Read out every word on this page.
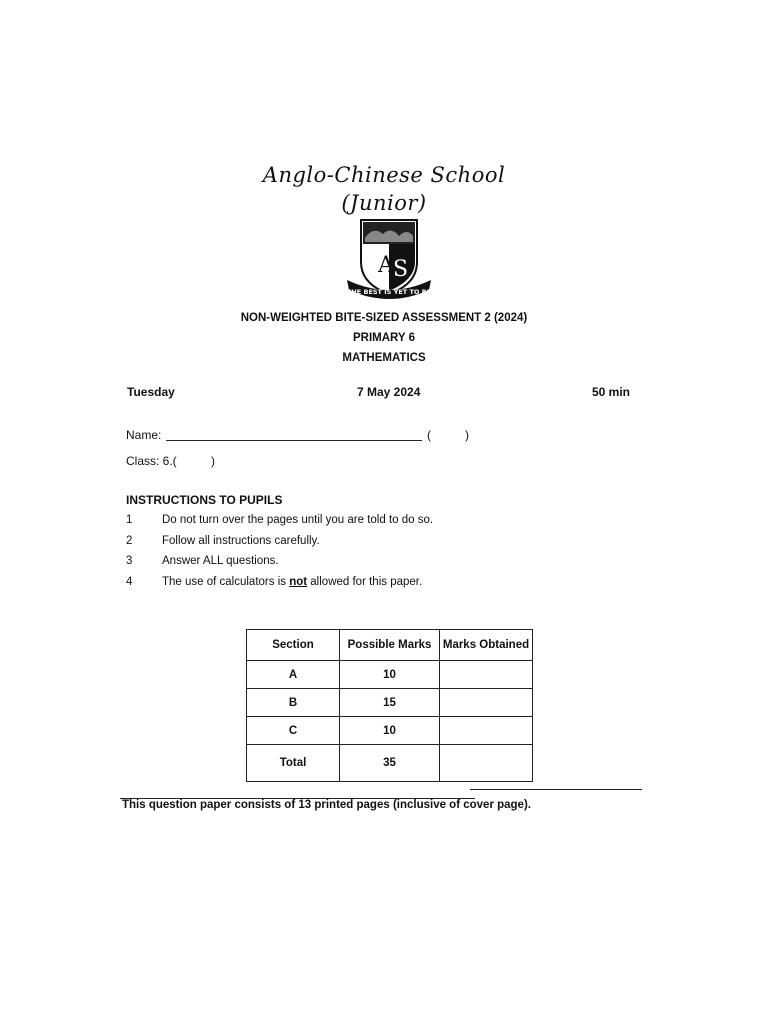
Anglo-Chinese School
(Junior)
A S
THE BEST IS YET TO BE
NON-WEIGHTED BITE-SIZED ASSESSMENT 2 (2024)
PRIMARY 6
MATHEMATICS
Tuesday	7 May 2024	50 min
Name:	(	)
Class: 6.(	)
INSTRUCTIONS TO PUPILS
1	Do not turn over the pages until you are told to do so.
2	Follow all instructions carefully.
3	Answer ALL questions.
4	The use of calculators is not allowed for this paper.
Section	Possible Marks	Marks Obtained
A	10	
B	15	
C	10	
Total	35	
This question paper consists of 13 printed pages (inclusive of cover page).
